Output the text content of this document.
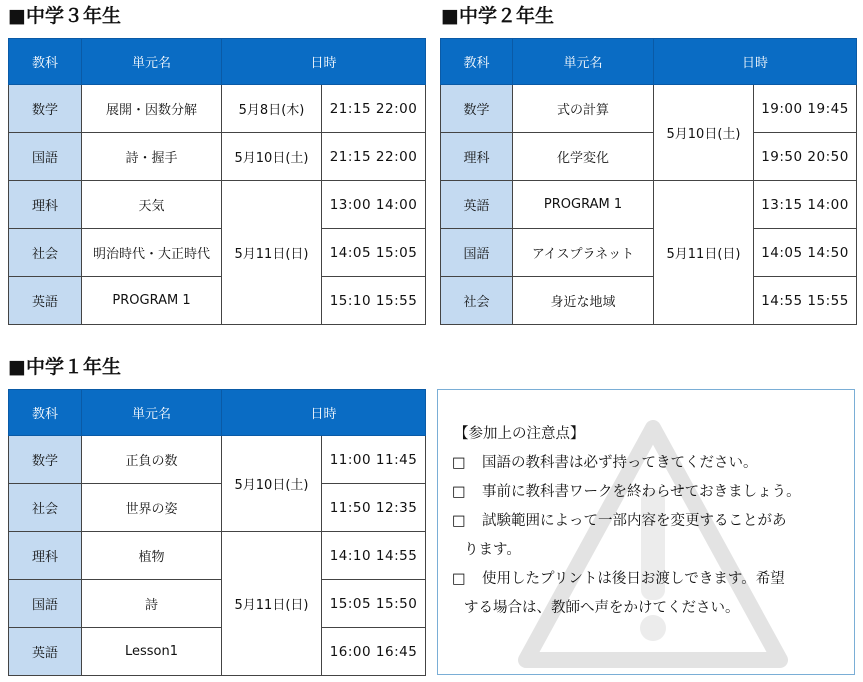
■中学３年生
教科	単元名	日時	
数学	展開・因数分解	5月8日(木)	21:15 22:00
国語	詩・握手	5月10日(土)	21:15 22:00
理科	天気	5月11日(日)	13:00 14:00
社会	明治時代・大正時代		14:05 15:05
英語	PROGRAM 1		15:10 15:55
■中学２年生
教科	単元名	日時	
数学	式の計算	5月10日(土)	19:00 19:45
理科	化学変化		19:50 20:50
英語	PROGRAM 1	5月11日(日)	13:15 14:00
国語	アイスプラネット		14:05 14:50
社会	身近な地域		14:55 15:55
■中学１年生
教科	単元名	日時	
数学	正負の数	5月10日(土)	11:00 11:45
社会	世界の姿		11:50 12:35
理科	植物	5月11日(日)	14:10 14:55
国語	詩		15:05 15:50
英語	Lesson1		16:00 16:45
【参加上の注意点】
□	国語の教科書は必ず持ってきてください。
□	事前に教科書ワークを終わらせておきましょう。
□	試験範囲によって一部内容を変更することがあ
ります。
□	使用したプリントは後日お渡しできます。希望
する場合は、教師へ声をかけてください。
